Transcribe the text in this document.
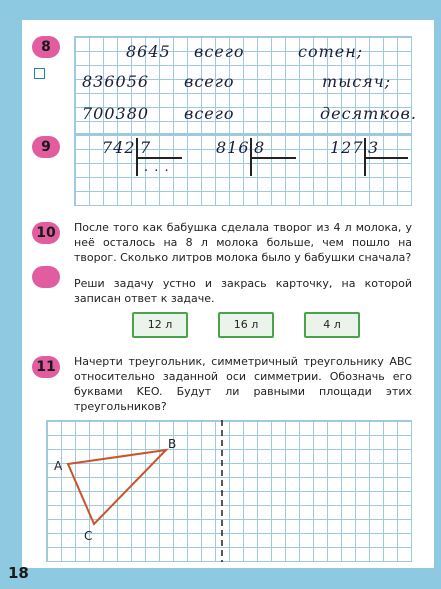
8	8645 всего	сотен;
836056 всего	тысяч;
700380 всего	десятков.
9	742 7
. . .
816 8	127 3
10	После того как бабушка сделала творог из 4 л молока, у неё осталось на 8 л молока больше, чем пошло на творог. Сколько литров молока было у бабушки сначала?
Реши задачу устно и закрась карточку, на которой записан ответ к задаче.
12 л	16 л	4 л
11	Начерти треугольник, симметричный треугольнику ABC относительно заданной оси симметрии. Обозначь его буквами KEO. Будут ли равными площади этих треугольников?
A
B
C
18
